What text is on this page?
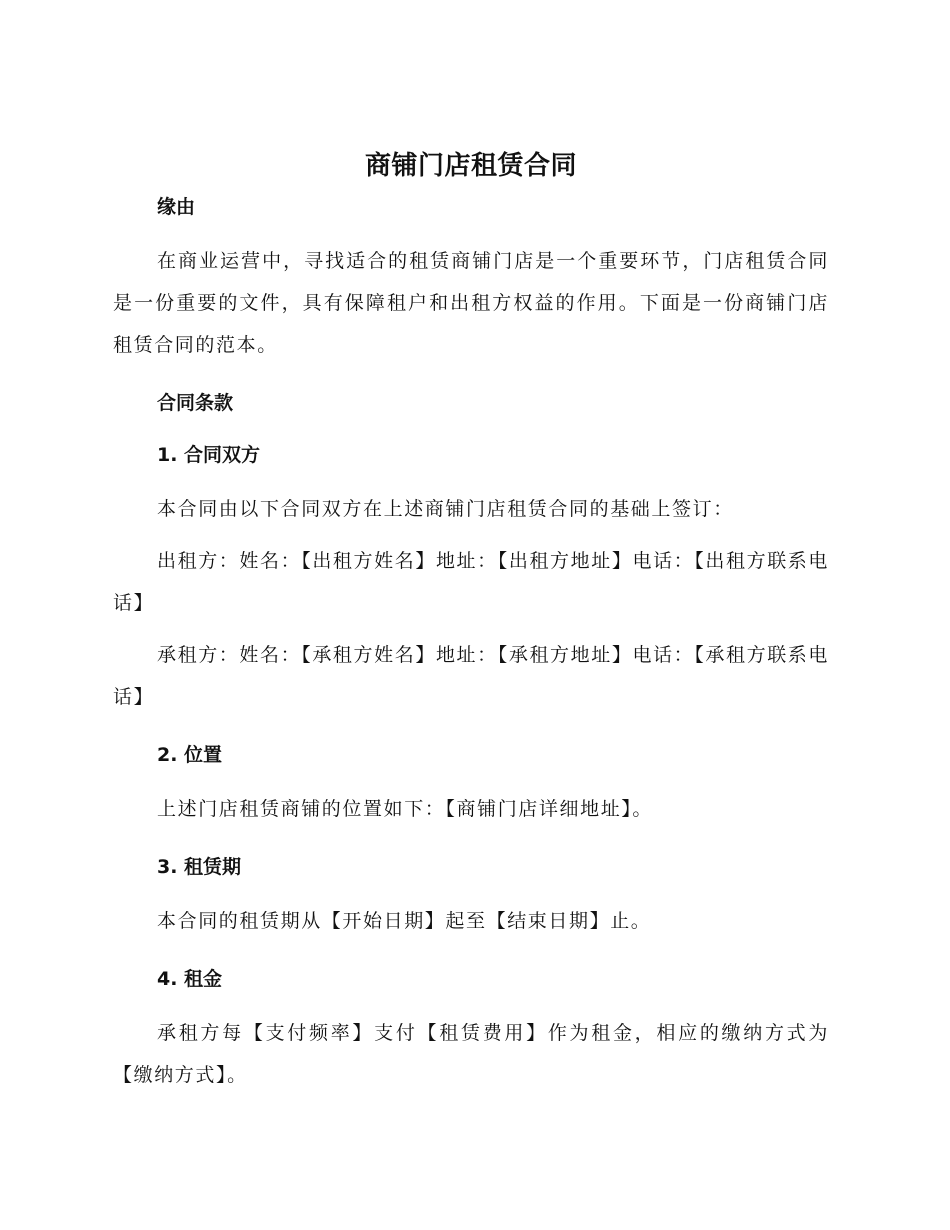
商铺门店租赁合同
缘由

在商业运营中，寻找适合的租赁商铺门店是一个重要环节，门店租赁合同是一份重要的文件，具有保障租户和出租方权益的作用。下面是一份商铺门店租赁合同的范本。

合同条款
1. 合同双方

本合同由以下合同双方在上述商铺门店租赁合同的基础上签订：

出租方：姓名：【出租方姓名】地址：【出租方地址】电话：【出租方联系电话】

承租方：姓名：【承租方姓名】地址：【承租方地址】电话：【承租方联系电话】

2. 位置

上述门店租赁商铺的位置如下：【商铺门店详细地址】。

3. 租赁期

本合同的租赁期从【开始日期】起至【结束日期】止。

4. 租金

承租方每【支付频率】支付【租赁费用】作为租金，相应的缴纳方式为【缴纳方式】。
